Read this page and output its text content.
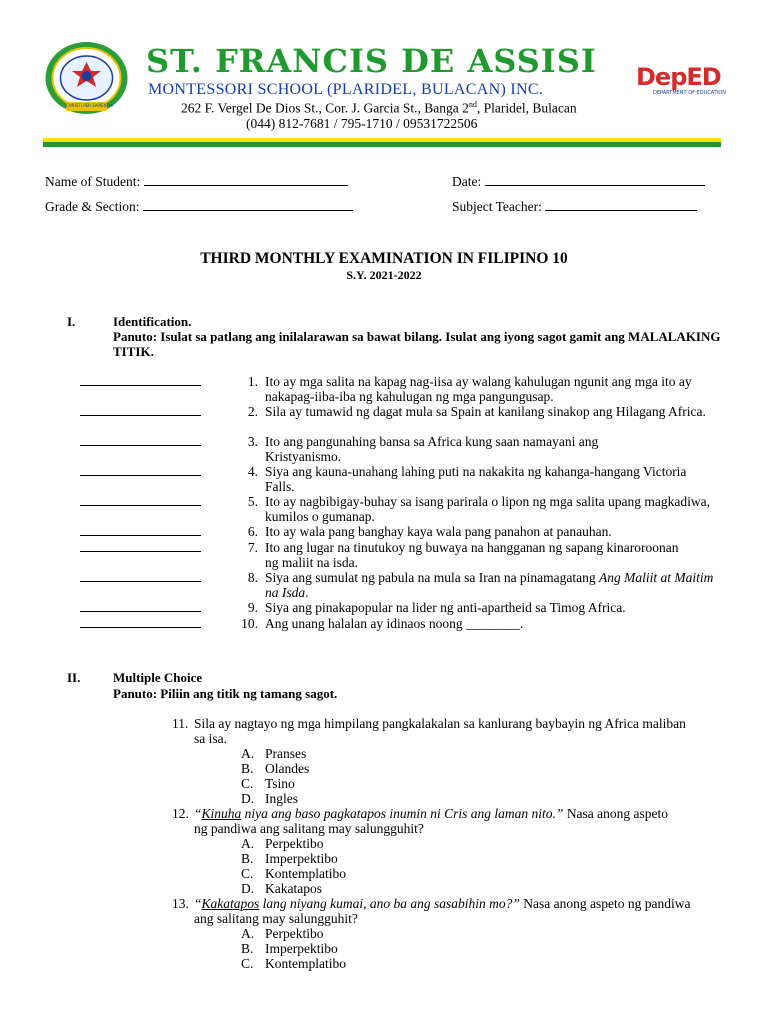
CHRISTI PER SAPIENTIA
ST. FRANCIS DE ASSISI
MONTESSORI SCHOOL (PLARIDEL, BULACAN) INC.
262 F. Vergel De Dios St., Cor. J. Garcia St., Banga 2nd, Plaridel, Bulacan
(044) 812-7681 / 795-1710 / 09531722506
DepED
DEPARTMENT OF EDUCATION
Name of Student:	Date:
Grade & Section:	Subject Teacher:
THIRD MONTHLY EXAMINATION IN FILIPINO 10
S.Y. 2021-2022
I.	Identification.
Panuto: Isulat sa patlang ang inilalarawan sa bawat bilang. Isulat ang iyong sagot gamit ang MALALAKING TITIK.
1. Ito ay mga salita na kapag nag-iisa ay walang kahulugan ngunit ang mga ito ay nakapag-iiba-iba ng kahulugan ng mga pangungusap.
2. Sila ay tumawid ng dagat mula sa Spain at kanilang sinakop ang Hilagang Africa.
3. Ito ang pangunahing bansa sa Africa kung saan namayani ang Kristyanismo.
4. Siya ang kauna-unahang lahing puti na nakakita ng kahanga-hangang Victoria Falls.
5. Ito ay nagbibigay-buhay sa isang parirala o lipon ng mga salita upang magkadiwa, kumilos o gumanap.
6. Ito ay wala pang banghay kaya wala pang panahon at panauhan.
7. Ito ang lugar na tinutukoy ng buwaya na hangganan ng sapang kinaroroonan ng maliit na isda.
8. Siya ang sumulat ng pabula na mula sa Iran na pinamagatang Ang Maliit at Maitim na Isda.
9. Siya ang pinakapopular na lider ng anti-apartheid sa Timog Africa.
10. Ang unang halalan ay idinaos noong ________.
II.	Multiple Choice
Panuto: Piliin ang titik ng tamang sagot.
11. Sila ay nagtayo ng mga himpilang pangkalakalan sa kanlurang baybayin ng Africa maliban sa isa.
A. Pranses
B. Olandes
C. Tsino
D. Ingles
12. “Kinuha niya ang baso pagkatapos inumin ni Cris ang laman nito.” Nasa anong aspeto ng pandiwa ang salitang may salungguhit?
A. Perpektibo
B. Imperpektibo
C. Kontemplatibo
D. Kakatapos
13. “Kakatapos lang niyang kumai, ano ba ang sasabihin mo?” Nasa anong aspeto ng pandiwa ang salitang may salungguhit?
A. Perpektibo
B. Imperpektibo
C. Kontemplatibo
